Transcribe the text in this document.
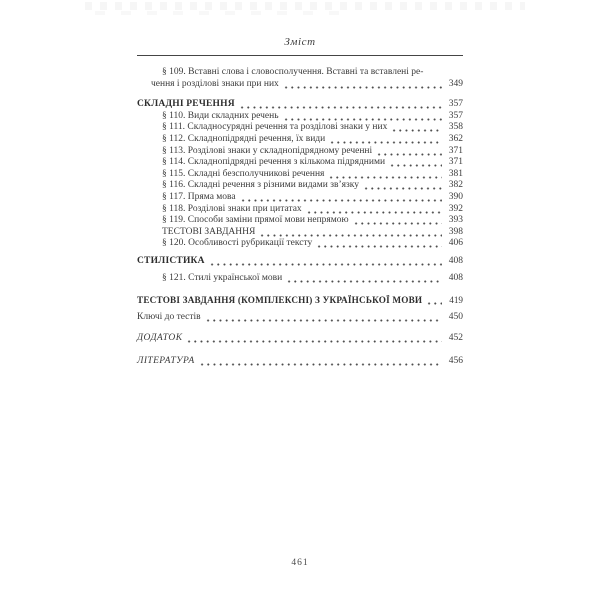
Зміст
§ 109. Вставні слова і словосполучення. Вставні та вставлені ре-
чення і розділові знаки при них	349
СКЛАДНІ РЕЧЕННЯ	357
§ 110. Види складних речень	357
§ 111. Складносурядні речення та розділові знаки у них	358
§ 112. Складнопідрядні речення, їх види	362
§ 113. Розділові знаки у складнопідрядному реченні	371
§ 114. Складнопідрядні речення з кількома підрядними	371
§ 115. Складні безсполучникові речення	381
§ 116. Складні речення з різними видами зв’язку	382
§ 117. Пряма мова	390
§ 118. Розділові знаки при цитатах	392
§ 119. Способи заміни прямої мови непрямою	393
ТЕСТОВІ ЗАВДАННЯ	398
§ 120. Особливості рубрикації тексту	406
СТИЛІСТИКА	408
§ 121. Стилі української мови	408
ТЕСТОВІ ЗАВДАННЯ (КОМПЛЕКСНІ) З УКРАЇНСЬКОЇ МОВИ	419
Ключі до тестів	450
ДОДАТОК	452
ЛІТЕРАТУРА	456
461
